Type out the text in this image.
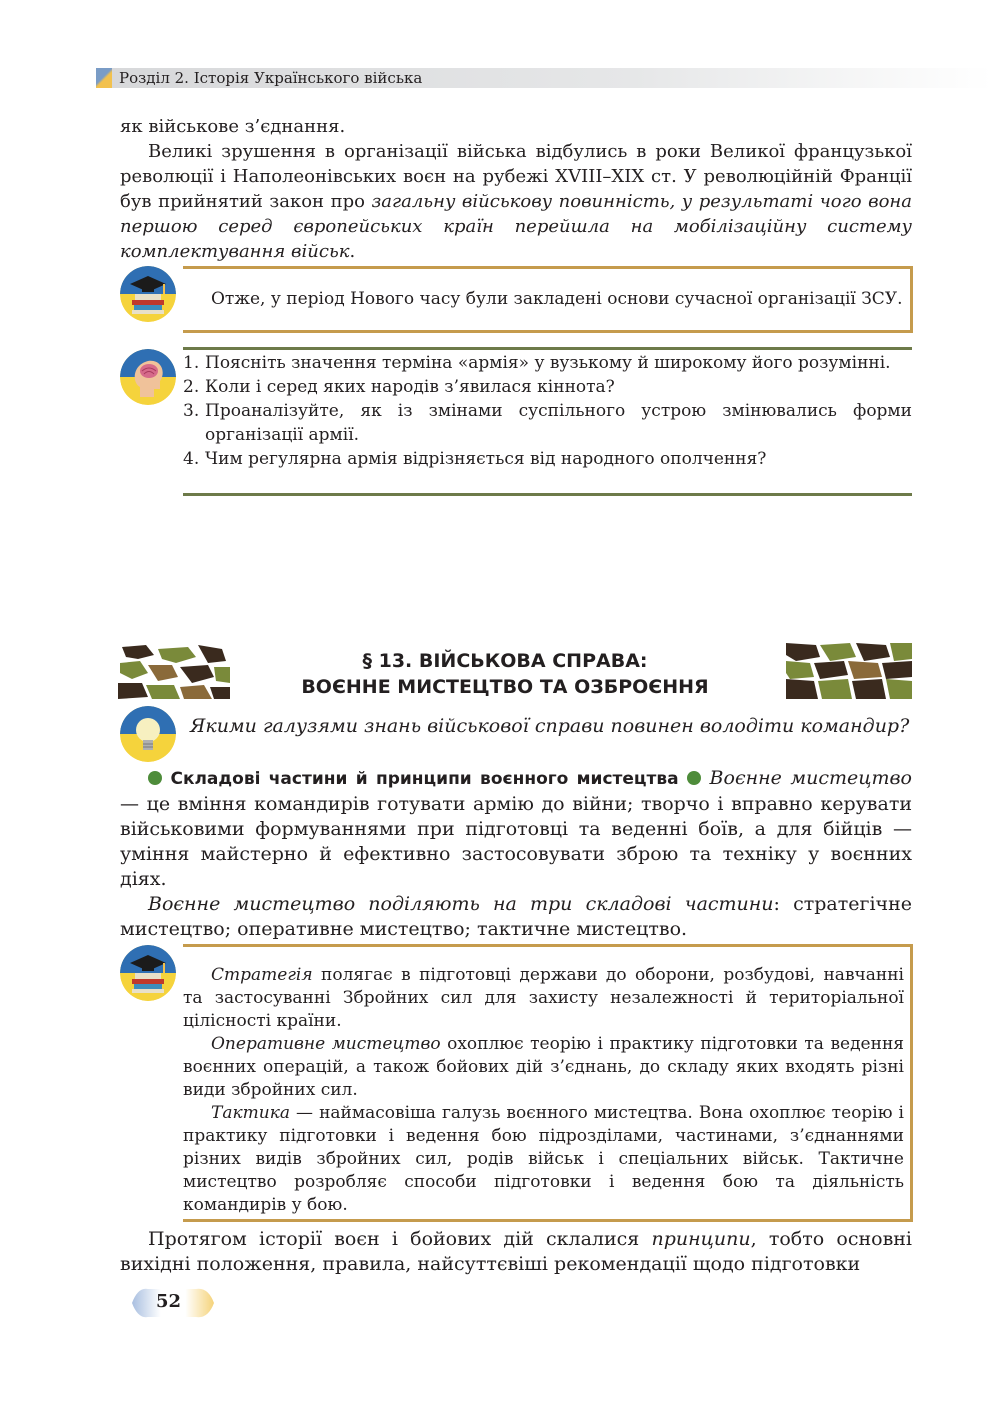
Розділ 2. Історія Українського війська
як військове з’єднання.
Великі зрушення в організації війська відбулись в роки Великої французької революції і Наполеонівських воєн на рубежі XVIII–XIX ст. У революційній Франції був прийнятий закон про загальну військову повинність, у результаті чого вона першою серед європейських країн перейшла на мобілізаційну систему комплектування військ.
Отже, у період Нового часу були закладені основи сучасної організації ЗСУ.
1. Поясніть значення терміна «армія» у вузькому й широкому його розумінні.
2. Коли і серед яких народів з’явилася кіннота?
3. Проаналізуйте, як із змінами суспільного устрою змінювались форми організації армії.
4. Чим регулярна армія відрізняється від народного ополчення?
§ 13. ВІЙСЬКОВА СПРАВА:
ВОЄННЕ МИСТЕЦТВО ТА ОЗБРОЄННЯ
Якими галузями знань військової справи повинен володіти командир?
Складові частини й принципи воєнного мистецтва Воєнне мистецтво — це вміння командирів готувати армію до війни; творчо і вправно керувати військовими формуваннями при підготовці та веденні боїв, а для бійців — уміння майстерно й ефективно застосовувати зброю та техніку у воєнних діях.
Воєнне мистецтво поділяють на три складові частини: стратегічне мистецтво; оперативне мистецтво; тактичне мистецтво.
Стратегія полягає в підготовці держави до оборони, розбудові, навчанні та застосуванні Збройних сил для захисту незалежності й територіальної цілісності країни.
Оперативне мистецтво охоплює теорію і практику підготовки та ведення воєнних операцій, а також бойових дій з’єднань, до складу яких входять різні види збройних сил.
Тактика — наймасовіша галузь воєнного мистецтва. Вона охоплює теорію і практику підготовки і ведення бою підрозділами, частинами, з’єднаннями різних видів збройних сил, родів військ і спеціальних військ. Тактичне мистецтво розробляє способи підготовки і ведення бою та діяльність командирів у бою.
Протягом історії воєн і бойових дій склалися принципи, тобто основні вихідні положення, правила, найсуттєвіші рекомендації щодо підготовки
52
